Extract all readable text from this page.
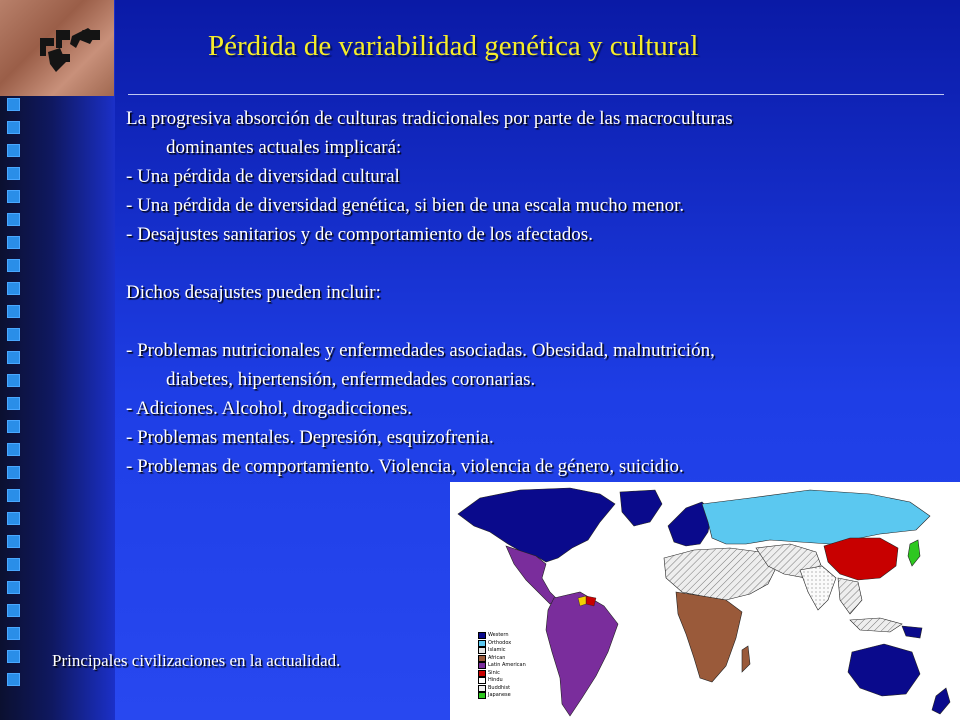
Pérdida de variabilidad genética y cultural
La progresiva absorción de culturas tradicionales por parte de las macroculturas
dominantes actuales implicará:
- Una pérdida de diversidad cultural
- Una pérdida de diversidad genética, si bien de una escala mucho menor.
- Desajustes sanitarios y de comportamiento de los afectados.
Dichos desajustes pueden incluir:
- Problemas nutricionales y enfermedades asociadas. Obesidad, malnutrición,
diabetes, hipertensión, enfermedades coronarias.
- Adiciones. Alcohol, drogadicciones.
- Problemas mentales. Depresión, esquizofrenia.
- Problemas de comportamiento. Violencia, violencia de género, suicidio.
Western
Orthodox
Islamic
African
Latin American
Sinic
Hindu
Buddhist
Japanese
Principales civilizaciones en la actualidad.
